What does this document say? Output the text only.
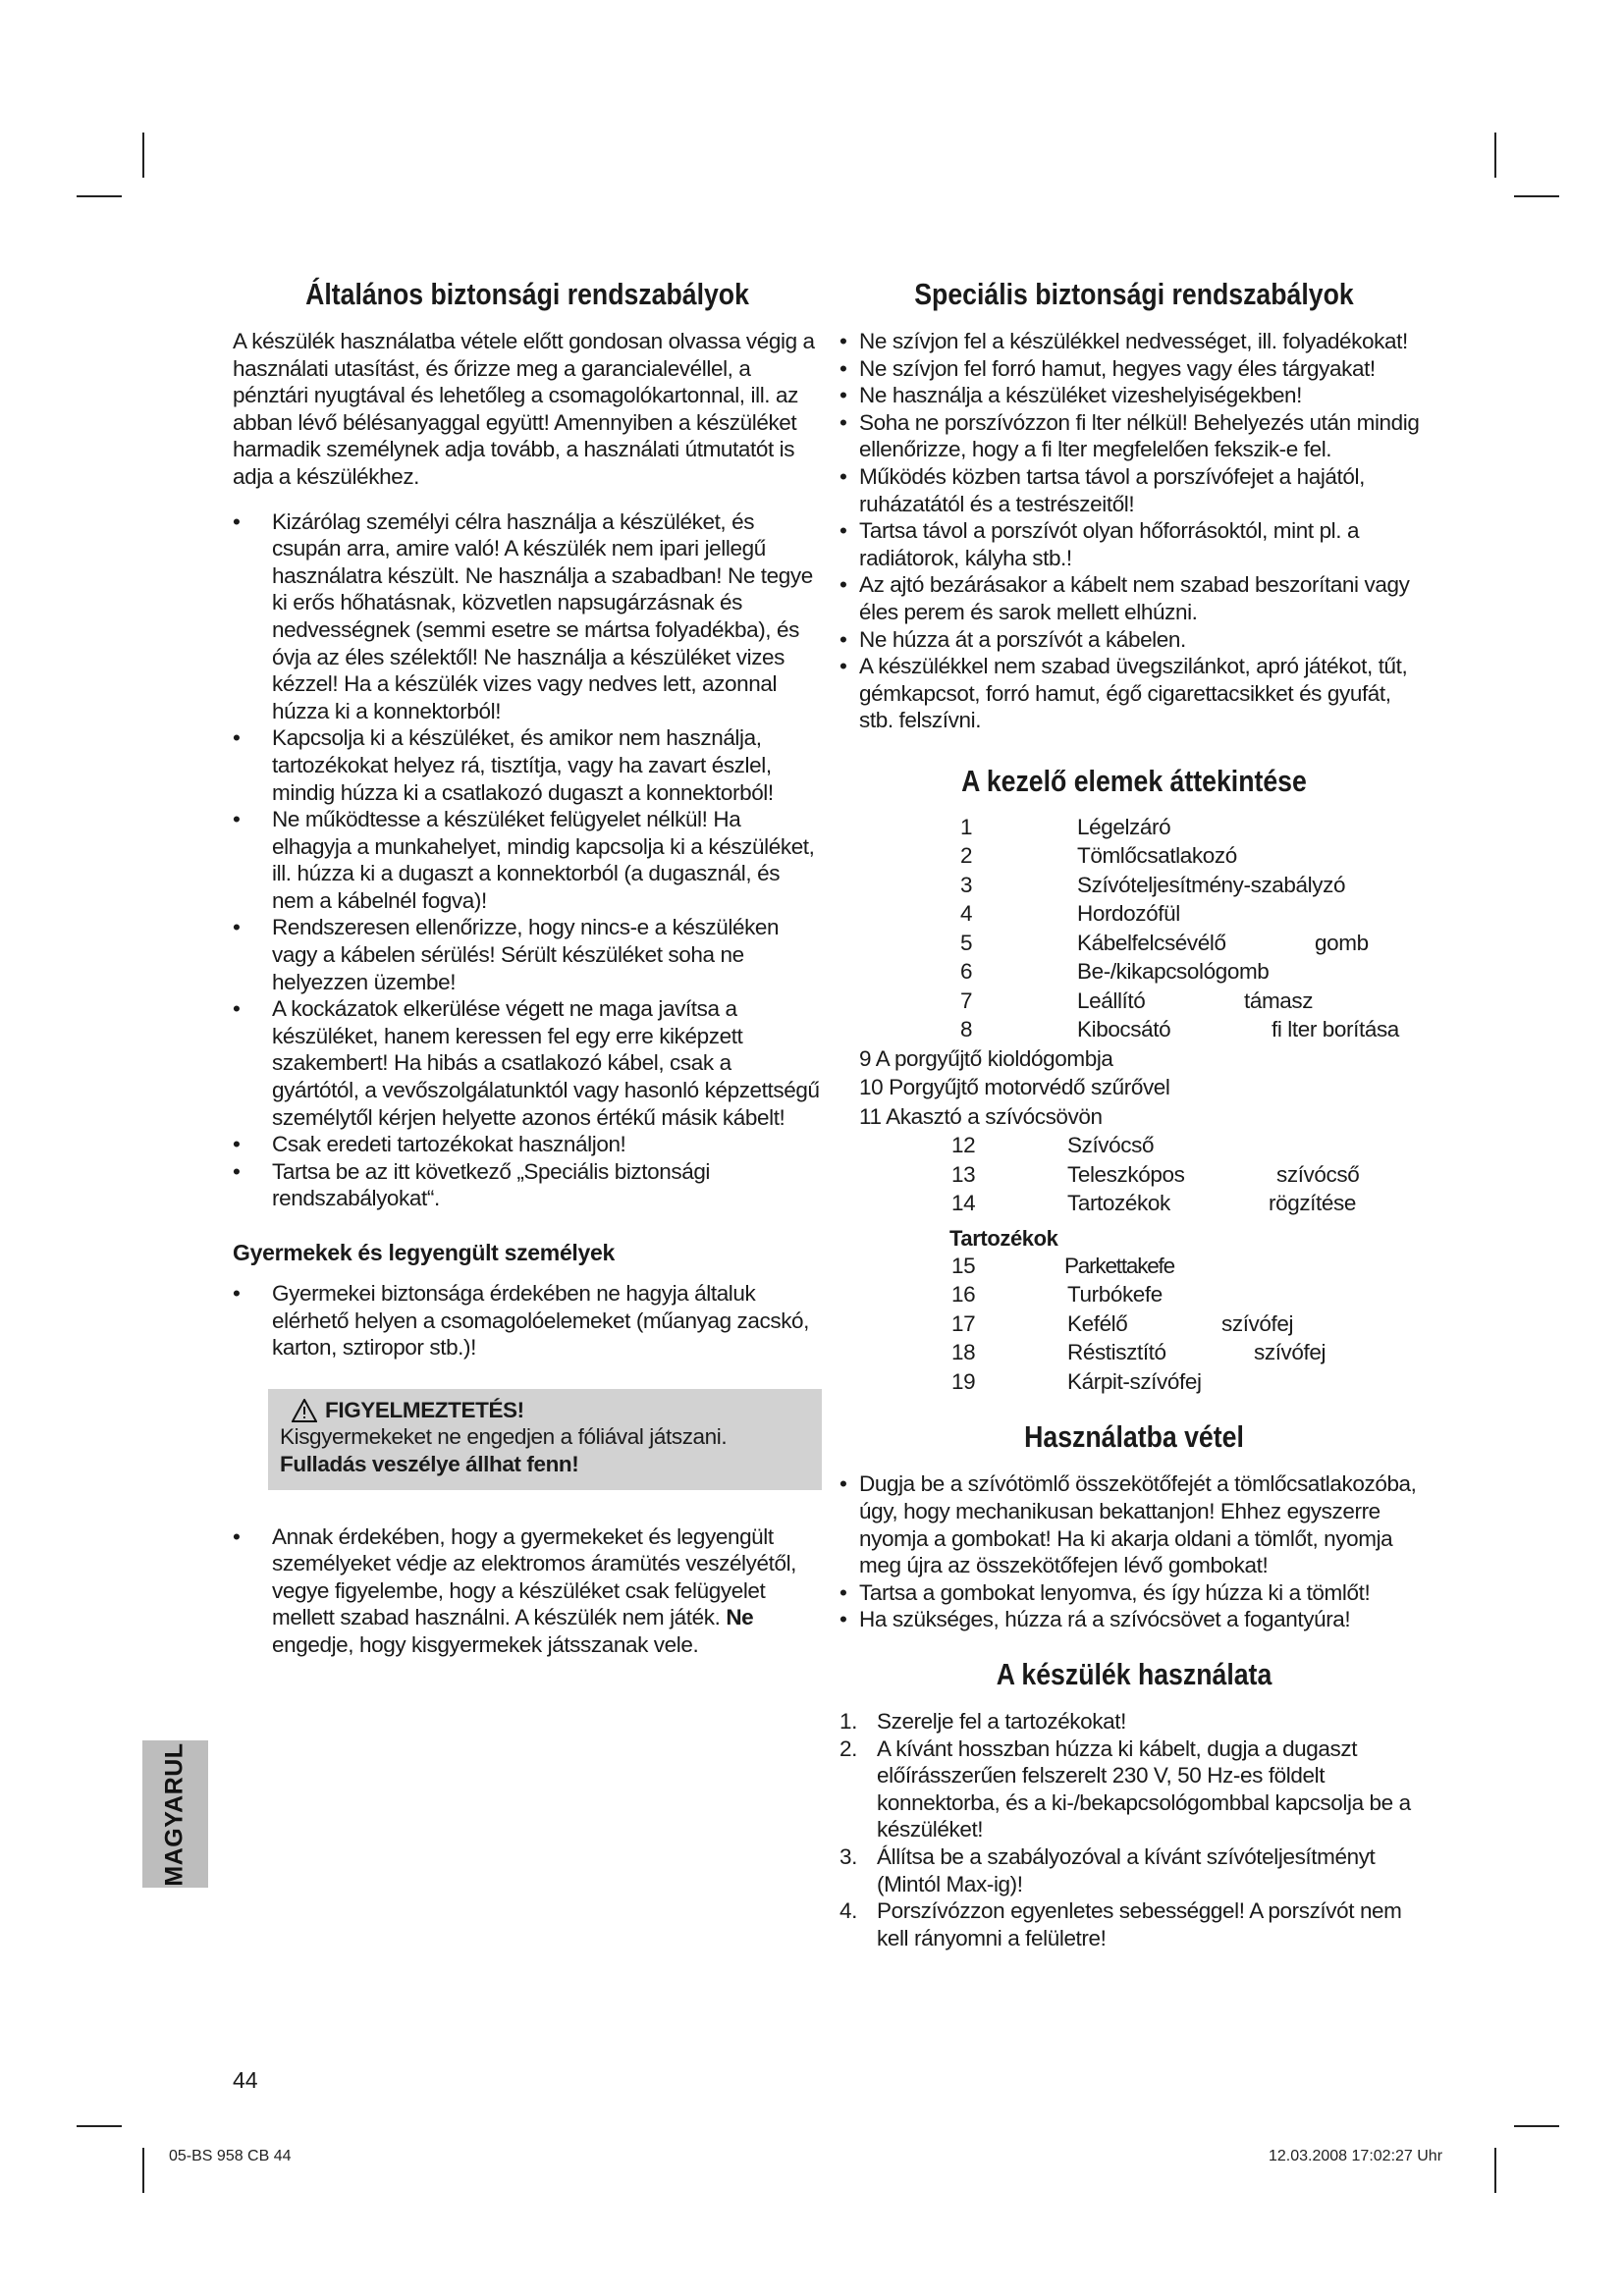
Általános biztonsági rendszabályok

A készülék használatba vétele előtt gondosan olvassa végig a használati utasítást, és őrizze meg a garancialevéllel, a pénztári nyugtával és lehetőleg a csomagolókartonnal, ill. az abban lévő bélésanyaggal együtt! Amennyiben a készüléket harmadik személynek adja tovább, a használati útmutatót is adja a készülékhez.

• Kizárólag személyi célra használja a készüléket, és csupán arra, amire való! A készülék nem ipari jellegű használatra készült. Ne használja a szabadban! Ne tegye ki erős hőhatásnak, közvetlen napsugárzásnak és nedvességnek (semmi esetre se mártsa folyadékba), és óvja az éles szélektől! Ne használja a készüléket vizes kézzel! Ha a készülék vizes vagy nedves lett, azonnal húzza ki a konnektorból!
• Kapcsolja ki a készüléket, és amikor nem használja, tartozékokat helyez rá, tisztítja, vagy ha zavart észlel, mindig húzza ki a csatlakozó dugaszt a konnektorból!
• Ne működtesse a készüléket felügyelet nélkül! Ha elhagyja a munkahelyet, mindig kapcsolja ki a készüléket, ill. húzza ki a dugaszt a konnektorból (a dugasznál, és nem a kábelnél fogva)!
• Rendszeresen ellenőrizze, hogy nincs-e a készüléken vagy a kábelen sérülés! Sérült készüléket soha ne helyezzen üzembe!
• A kockázatok elkerülése végett ne maga javítsa a készüléket, hanem keressen fel egy erre kiképzett szakembert! Ha hibás a csatlakozó kábel, csak a gyártótól, a vevőszolgálatunktól vagy hasonló képzettségű személytől kérjen helyette azonos értékű másik kábelt!
• Csak eredeti tartozékokat használjon!
• Tartsa be az itt következő „Speciális biztonsági rendszabályokat“.
Gyermekek és legyengült személyek
• Gyermekei biztonsága érdekében ne hagyja általuk elérhető helyen a csomagolóelemeket (műanyag zacskó, karton, sztiropor stb.)!
FIGYELMEZTETÉS!
Kisgyermekeket ne engedjen a fóliával játszani. Fulladás veszélye állhat fenn!
• Annak érdekében, hogy a gyermekeket és legyengült személyeket védje az elektromos áramütés veszélyétől, vegye figyelembe, hogy a készüléket csak felügyelet mellett szabad használni. A készülék nem játék. Ne engedje, hogy kisgyermekek játsszanak vele.
Speciális biztonsági rendszabályok
• Ne szívjon fel a készülékkel nedvességet, ill. folyadékokat!
• Ne szívjon fel forró hamut, hegyes vagy éles tárgyakat!
• Ne használja a készüléket vizeshelyiségekben!
• Soha ne porszívózzon fi lter nélkül! Behelyezés után mindig ellenőrizze, hogy a fi lter megfelelően fekszik-e fel.
• Működés közben tartsa távol a porszívófejet a hajától, ruházatától és a testrészeitől!
• Tartsa távol a porszívót olyan hőforrásoktól, mint pl. a radiátorok, kályha stb.!
• Az ajtó bezárásakor a kábelt nem szabad beszorítani vagy éles perem és sarok mellett elhúzni.
• Ne húzza át a porszívót a kábelen.
• A készülékkel nem szabad üvegszilánkot, apró játékot, tűt, gémkapcsot, forró hamut, égő cigarettacsikket és gyufát, stb. felszívni.
A kezelő elemek áttekintése
1	Légelzáró
2	Tömlőcsatlakozó
3	Szívóteljesítmény-szabályzó
4	Hordozófül
5	Kábelfelcsévélő	gomb
6	Be-/kikapcsológomb
7	Leállító	támasz
8	Kibocsátó	fi lter borítása
9 A porgyűjtő kioldógombja
10 Porgyűjtő motorvédő szűrővel
11 Akasztó a szívócsövön
12	Szívócső
13	Teleszkópos	szívócső
14	Tartozékok	rögzítése
Tartozékok
15	Parkettakefe
16	Turbókefe
17	Kefélő	szívófej
18	Réstisztító	szívófej
19	Kárpit-szívófej
Használatba vétel
• Dugja be a szívótömlő összekötőfejét a tömlőcsatlakozóba, úgy, hogy mechanikusan bekattanjon! Ehhez egyszerre nyomja a gombokat! Ha ki akarja oldani a tömlőt, nyomja meg újra az összekötőfejen lévő gombokat!
• Tartsa a gombokat lenyomva, és így húzza ki a tömlőt!
• Ha szükséges, húzza rá a szívócsövet a fogantyúra!
A készülék használata
1. Szerelje fel a tartozékokat!
2. A kívánt hosszban húzza ki kábelt, dugja a dugaszt előírásszerűen felszerelt 230 V, 50 Hz-es földelt konnektorba, és a ki-/bekapcsológombbal kapcsolja be a készüléket!
3. Állítsa be a szabályozóval a kívánt szívóteljesítményt (Mintól Max-ig)!
4. Porszívózzon egyenletes sebességgel! A porszívót nem kell rányomni a felületre!
MAGYARUL
44
05-BS 958 CB 44	12.03.2008 17:02:27 Uhr
